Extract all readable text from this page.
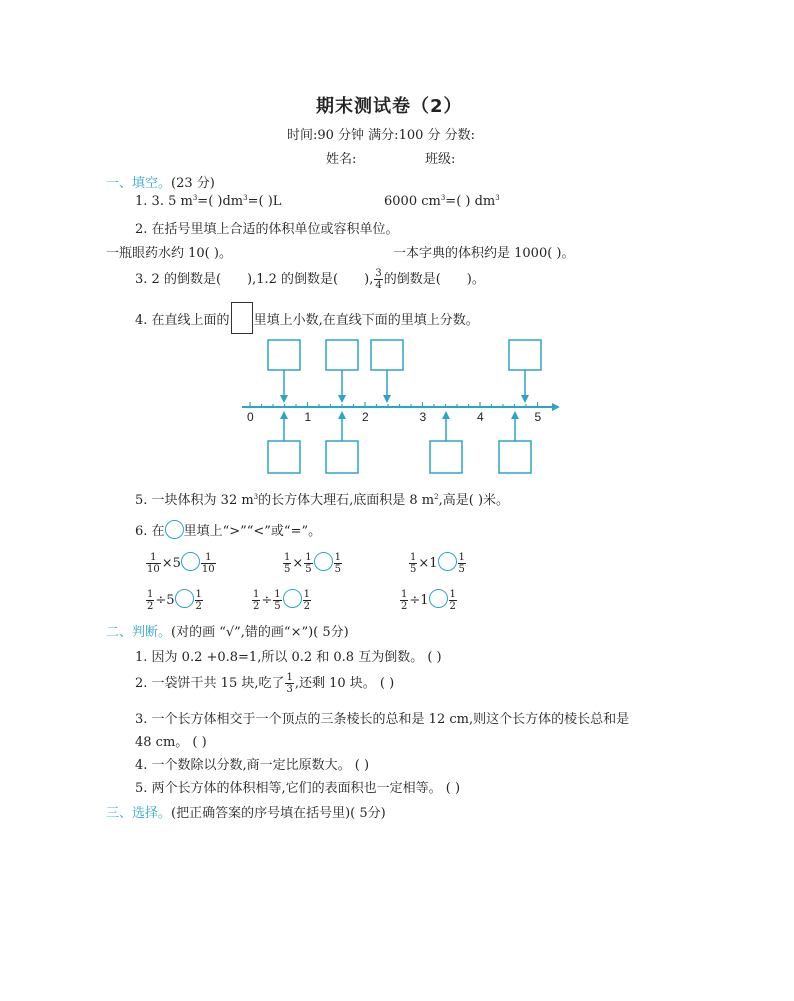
期末测试卷（2）
时间:90 分钟 满分:100 分 分数:
姓名:	班级:
一、填空。(23 分)
1. 3. 5 $m^3=$( )$dm^3=$( )L	6000 $cm^3=$( ) $dm^3$
2. 在括号里填上合适的体积单位或容积单位。
一瓶眼药水约 10( )。	一本字典的体积约是 1000( )。
3. 2 的倒数是( ),1.2 的倒数是( ), $\frac{3}{4}$ 的倒数是( )。
4. 在直线上面的 里填上小数,在直线下面的里填上分数。
0	1	2	3	4	5
5. 一块体积为 32 $m^3$的长方体大理石,底面积是 8 $m^2$,高是( )米。
6. 在 里填上“>”“<”或“=”。
$\frac{1}{10} \times 5 \frac{1}{10}$	$\frac{1}{5} \times \frac{1}{5} \frac{1}{5}$	$\frac{1}{5} \times 1 \frac{1}{5}$
$\frac{1}{2} \div 5 \frac{1}{2}$	$\frac{1}{2} \div \frac{1}{5} \frac{1}{2}$	$\frac{1}{2} \div 1 \frac{1}{2}$
二、判断。(对的画 “√”,错的画“×”)( 5分)
1. 因为 0.2 +0.8=1,所以 0.2 和 0.8 互为倒数。 ( )
2. 一袋饼干共 15 块,吃了 $\frac{1}{3}$ ,还剩 10 块。 ( )
3. 一个长方体相交于一个顶点的三条棱长的总和是 12 cm,则这个长方体的棱长总和是
48 cm。 ( )
4. 一个数除以分数,商一定比原数大。 ( )
5. 两个长方体的体积相等,它们的表面积也一定相等。 ( )
三、选择。(把正确答案的序号填在括号里)( 5分)
